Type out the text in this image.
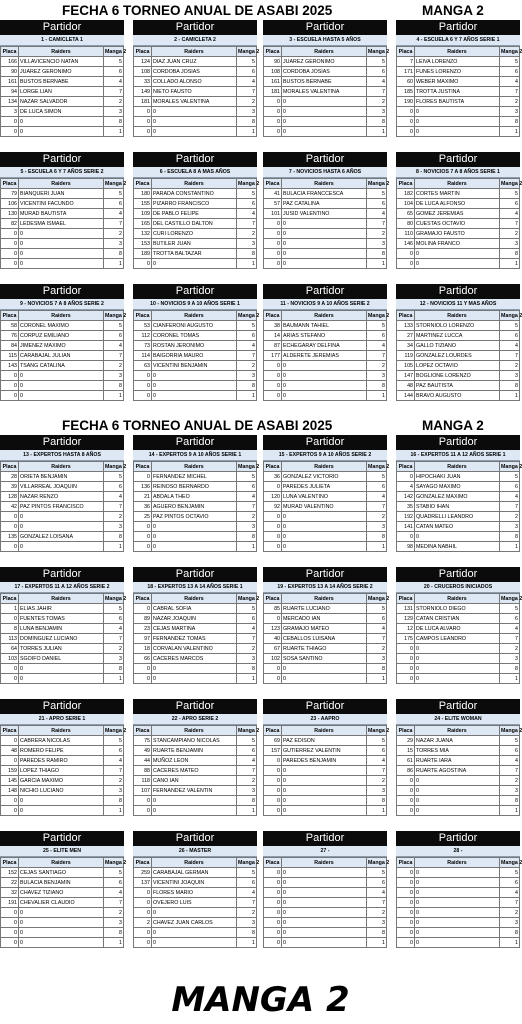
FECHA 6 TORNEO ANUAL DE ASABI 2025	MANGA 2
FECHA 6 TORNEO ANUAL DE ASABI 2025	MANGA 2
Partidor
1 - CAMICLETA 1
Placa	Raiders	Manga 2
166	VILLAVICENCIO NATAN	5
90	JUAREZ GERONIMO	6
161	BUSTOS BERNABE	4
94	LORGE LIAN	7
134	NAZAR SALVADOR	2
3	DE LUCA SIMON	3
0	0	8
0	0	1
Partidor
2 - CAMICLETA 2
Placa	Raiders	Manga 2
124	DIAZ JUAN CRUZ	5
108	CORDOBA JOSIAS	6
33	COLLADO ALONSO	4
149	NIETO FAUSTO	7
181	MORALES VALENTINA	2
0	0	3
0	0	8
0	0	1
Partidor
3 - ESCUELA HASTA 5 AÑOS
Placa	Raiders	Manga 2
90	JUAREZ GERONIMO	5
108	CORDOBA JOSIAS	6
161	BUSTOS BERNABE	4
181	MORALES VALENTINA	7
0	0	2
0	0	3
0	0	8
0	0	1
Partidor
4 - ESCUELA 6 Y 7 AÑOS SERIE 1
Placa	Raiders	Manga 2
7	LEIVA LORENZO	5
171	FUNES LORENZO	6
60	WEBER MAXIMO	4
185	TROTTA JUSTINA	7
190	FLORES BAUTISTA	2
0	0	3
0	0	8
0	0	1
Partidor
5 - ESCUELA 6 Y 7 AÑOS SERIE 2
Placa	Raiders	Manga 2
79	BIANQUERI JUAN	5
106	VICENTINI FACUNDO	6
130	MURAD BAUTISTA	4
82	LEDESMA ISMAEL	7
0	0	2
0	0	3
0	0	8
0	0	1
Partidor
6 - ESCUELA 8 A MAS AÑOS
Placa	Raiders	Manga 2
180	PARADA CONSTANTINO	5
155	PIZARRO FRANCISCO	6
109	DE PABLO FELIPE	4
165	DEL CASTILLO DALTON	7
132	CURI LORENZO	2
153	BUTILER JUAN	3
189	TROTTA BALTAZAR	8
0	0	1
Partidor
7 - NOVICIOS HASTA 6 AÑOS
Placa	Raiders	Manga 2
41	BULACIA FRANCCESCA	5
57	PAZ CATALINA	6
101	JUSID VALENTINO	4
0	0	7
0	0	2
0	0	3
0	0	8
0	0	1
Partidor
8 - NOVICIOS 7 A 8 AÑOS SERIE 1
Placa	Raiders	Manga 2
182	CORTES MARTIN	5
104	DE LUCA ALFONSO	6
65	GOMEZ JEREMIAS	4
80	CUESTAS OCTAVIO	7
110	GRAMAJO FAUSTO	2
146	MOLINA FRANCO	3
0	0	8
0	0	1
Partidor
9 - NOVICIOS 7 A 8 AÑOS SERIE 2
Placa	Raiders	Manga 2
58	CORONEL MAXIMO	5
76	CORPUZ EMILIANO	6
84	JIMENEZ MAXIMO	4
115	CARABAJAL JULIAN	7
143	TSANG CATALINA	2
0	0	3
0	0	8
0	0	1
Partidor
10 - NOVICIOS 9 A 10 AÑOS SERIE 1
Placa	Raiders	Manga 2
53	CIANFERONI AUGUSTO	5
112	CORONEL TOMAS	6
73	ROSTAN JERONIMO	4
114	BAIGORRIA MAURO	7
63	VICENTINI BENJAMIN	2
0	0	3
0	0	8
0	0	1
Partidor
11 - NOVICIOS 9 A 10 AÑOS SERIE 2
Placa	Raiders	Manga 2
38	BAUMANN TAHIEL	5
14	ARIAS STEFANO	6
87	ECHEGARAY DELFINA	4
177	ALDERETE JEREMIAS	7
0	0	2
0	0	3
0	0	8
0	0	1
Partidor
12 - NOVICIOS 11 Y MAS AÑOS
Placa	Raiders	Manga 2
133	STORNIOLO LORENZO	5
27	MARTINEZ LUCCA	6
34	GALLO TIZIANO	4
119	GONZALEZ LOURDES	7
105	LOPEZ OCTAVIO	2
147	BOGLIONE LORENZO	3
48	PAZ BAUTISTA	8
144	BRAVO AUGUSTO	1
Partidor
13 - EXPERTOS HASTA 8 AÑOS
Placa	Raiders	Manga 2
28	ORIETA BENJAMIN	5
39	VILLARREAL JOAQUIN	6
128	NAZAR RENZO	4
42	PAZ PINTOS FRANCISCO	7
0	0	2
0	0	3
135	GONZALEZ LOISANA	8
0	0	1
Partidor
14 - EXPERTOS 9 A 10 AÑOS SERIE 1
Placa	Raiders	Manga 2
0	FERNANDEZ MICHEL	5
136	REINOSO BERNARDO	6
21	ABDALA THEO	4
36	AGUERO BENJAMIN	7
25	PAZ PINTOS OCTAVIO	2
0	0	3
0	0	8
0	0	1
Partidor
15 - EXPERTOS 9 A 10 AÑOS SERIE 2
Placa	Raiders	Manga 2
36	GONZALEZ VICTORIO	5
0	PAREDES JULIETA	6
120	LUNA VALENTINO	4
92	MURAD VALENTINO	7
0	0	2
0	0	3
0	0	8
0	0	1
Partidor
16 - EXPERTOS 11 A 12 AÑOS SERIE 1
Placa	Raiders	Manga 2
0	HIPOCHAKI JUAN	5
4	SAYAGO MAXIMO	6
142	GONZALEZ MAXIMO	4
35	STABIO IHAN	7
192	QUADRELLI LEANDRO	2
141	CATAN MATEO	3
0	0	8
98	MEDINA NABHIL	1
Partidor
17 - EXPERTOS 11 A 12 AÑOS SERIE 2
Placa	Raiders	Manga 2
1	ELIAS JAHIR	5
0	FUENTES TOMAS	6
8	LUNA BENJAMIN	4
113	DOMINGUEZ LUCIANO	7
64	TORRES JULIAN	2
103	SGOIFO DANIEL	3
0	0	8
0	0	1
Partidor
18 - EXPERTOS 13 A 14 AÑOS SERIE 1
Placa	Raiders	Manga 2
0	CABRAL SOFIA	5
89	NAZAR JOAQUIN	6
23	CEJAS MARTINA	4
97	FERNANDEZ TOMAS	7
18	CORVALAN VALENTINO	2
66	CACERES MARCOS	3
0	0	8
0	0	1
Partidor
19 - EXPERTOS 13 A 14 AÑOS SERIE 2
Placa	Raiders	Manga 2
85	RUARTE LUCIANO	5
0	MERCADO IAN	6
123	GRAMAJO MATEO	4
40	CEBALLOS LUISANA	7
67	RUARTE THIAGO	2
102	SOSA SANTINO	3
0	0	8
0	0	1
Partidor
20 - CRUCEROS INICIADOS
Placa	Raiders	Manga 2
131	STORNIOLO DIEGO	5
129	CATAN CRISTIAN	6
12	DE LUCA ALVARO	4
175	CAMPOS LEANDRO	7
0	0	2
0	0	3
0	0	8
0	0	1
Partidor
21 - APRO SERIE 1
Placa	Raiders	Manga 2
0	CABRERA NICOLAS	5
48	ROMERO FELIPE	6
0	PAREDES RAMIRO	4
159	LOPEZ THIAGO	7
145	GARCIA MAXIMO	2
148	NICHIO LUCIANO	3
0	0	8
0	0	1
Partidor
22 - APRO SERIE 2
Placa	Raiders	Manga 2
75	STANCAMPIANO NICOLAS	5
49	RUARTE BENJAMIN	6
44	MUÑOZ LEON	4
88	CACERES MATEO	7
118	CANO IAN	2
107	FERNANDEZ VALENTIN	3
0	0	8
0	0	1
Partidor
23 - AAPRO
Placa	Raiders	Manga 2
69	PAZ EDISON	5
157	GUTIERREZ VALENTIN	6
0	PAREDES BENJAMIN	4
0	0	7
0	0	2
0	0	3
0	0	8
0	0	1
Partidor
24 - ELITE WOMAN
Placa	Raiders	Manga 2
29	NAZAR JUANA	5
15	TORRES MIA	6
61	RUARTE IARA	4
86	RUARTE AGOSTINA	7
0	0	2
0	0	3
0	0	8
0	0	1
Partidor
25 - ELITE MEN
Placa	Raiders	Manga 2
152	CEJAS SANTIAGO	5
22	BULACIA BENJAMIN	6
32	CHAVEZ TIZIANO	4
191	CHEVALIER CLAUDIO	7
0	0	2
0	0	3
0	0	8
0	0	1
Partidor
26 - MASTER
Placa	Raiders	Manga 2
259	CARABAJAL GERMAN	5
137	VICENTINI JOAQUIN	6
0	FLORES MARIO	4
0	OVEJERO LUIS	7
0	0	2
2	CHAVEZ JUAN CARLOS	3
0	0	8
0	0	1
Partidor
27 -
Placa	Raiders	Manga 2
0	0	5
0	0	6
0	0	4
0	0	7
0	0	2
0	0	3
0	0	8
0	0	1
Partidor
28 -
Placa	Raiders	Manga 2
0	0	5
0	0	6
0	0	4
0	0	7
0	0	2
0	0	3
0	0	8
0	0	1
MANGA 2
